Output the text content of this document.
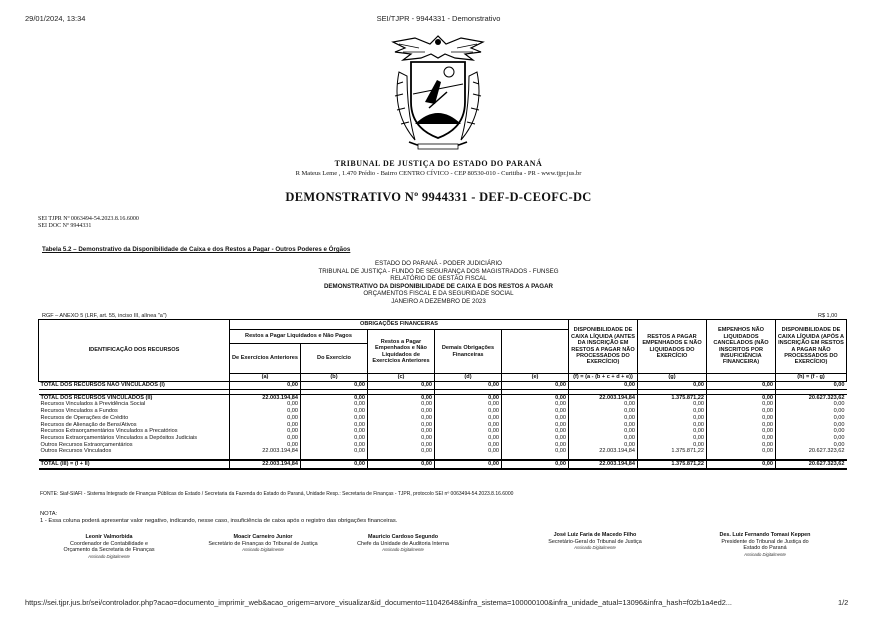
29/01/2024, 13:34	SEI/TJPR - 9944331 - Demonstrativo
TRIBUNAL DE JUSTIÇA DO ESTADO DO PARANÁ
R Mateus Leme , 1.470 Prédio - Bairro CENTRO CÍVICO - CEP 80530-010 - Curitiba - PR - www.tjpr.jus.br
DEMONSTRATIVO Nº 9944331 - DEF-D-CEOFC-DC
SEI TJPR Nº 0063494-54.2023.8.16.6000
SEI DOC Nº 9944331
Tabela 5.2 – Demonstrativo da Disponibilidade de Caixa e dos Restos a Pagar - Outros Poderes e Órgãos
ESTADO DO PARANÁ - PODER JUDICIÁRIO
TRIBUNAL DE JUSTIÇA - FUNDO DE SEGURANÇA DOS MAGISTRADOS - FUNSEG
RELATÓRIO DE GESTÃO FISCAL
DEMONSTRATIVO DA DISPONIBILIDADE DE CAIXA E DOS RESTOS A PAGAR
ORÇAMENTOS FISCAL E DA SEGURIDADE SOCIAL
JANEIRO A DEZEMBRO DE 2023
RGF – ANEXO 5 (LRF, art. 55, inciso III, alínea "a")	R$ 1,00
IDENTIFICAÇÃO DOS RECURSOS	OBRIGAÇÕES FINANCEIRAS					DISPONIBILIDADE DE CAIXA LÍQUIDA (ANTES DA INSCRIÇÃO EM RESTOS A PAGAR NÃO PROCESSADOS DO EXERCÍCIO)	RESTOS A PAGAR EMPENHADOS E NÃO LIQUIDADOS DO EXERCÍCIO	EMPENHOS NÃO LIQUIDADOS CANCELADOS (NÃO INSCRITOS POR INSUFICIÊNCIA FINANCEIRA)	DISPONIBILIDADE DE CAIXA LÍQUIDA (APÓS A INSCRIÇÃO EM RESTOS A PAGAR NÃO PROCESSADOS DO EXERCÍCIO)
	Restos a Pagar Liquidados e Não Pagos		Restos a Pagar Empenhados e Não Liquidados de Exercícios Anteriores	Demais Obrigações Financeiras					
	De Exercícios Anteriores	Do Exercício							
	(a)	(b)	(c)	(d)	(e)	(f) = (a - (b + c + d + e))	(g)		(h) = (f - g)
TOTAL DOS RECURSOS NÃO VINCULADOS (I)	0,00	0,00	0,00	0,00	0,00	0,00	0,00	0,00	0,00

TOTAL DOS RECURSOS VINCULADOS (II)	22.003.194,84	0,00	0,00	0,00	0,00	22.003.194,84	1.375.871,22	0,00	20.627.323,62
Recursos Vinculados à Previdência Social	0,00	0,00	0,00	0,00	0,00	0,00	0,00	0,00	0,00
Recursos Vinculados a Fundos	0,00	0,00	0,00	0,00	0,00	0,00	0,00	0,00	0,00
Recursos de Operações de Crédito	0,00	0,00	0,00	0,00	0,00	0,00	0,00	0,00	0,00
Recursos de Alienação de Bens/Ativos	0,00	0,00	0,00	0,00	0,00	0,00	0,00	0,00	0,00
Recursos Extraorçamentários Vinculados a Precatórios	0,00	0,00	0,00	0,00	0,00	0,00	0,00	0,00	0,00
Recursos Extraorçamentários Vinculados a Depósitos Judiciais	0,00	0,00	0,00	0,00	0,00	0,00	0,00	0,00	0,00
Outros Recursos Extraorçamentários	0,00	0,00	0,00	0,00	0,00	0,00	0,00	0,00	0,00
Outros Recursos Vinculados	22.003.194,84	0,00	0,00	0,00	0,00	22.003.194,84	1.375.871,22	0,00	20.627.323,62

TOTAL (III) = (I + II)	22.003.194,84	0,00	0,00	0,00	0,00	22.003.194,84	1.375.871,22	0,00	20.627.323,62
FONTE: Siaf-SIAFI - Sistema Integrado de Finanças Públicas do Estado / Secretaria da Fazenda do Estado do Paraná, Unidade Resp.: Secretaria de Finanças - TJPR, protocolo SEI nº 0063494-54.2023.8.16.6000
NOTA:
1 - Essa coluna poderá apresentar valor negativo, indicando, nesse caso, insuficiência de caixa após o registro das obrigações financeiras.
Leonir Valmorbida
Coordenador de Contabilidade e
Orçamento da Secretaria de Finanças
Assinado Digitalmente
Moacir Carneiro Junior
Secretário de Finanças do Tribunal de Justiça
Assinado Digitalmente
Mauricio Cardoso Segundo
Chefe da Unidade de Auditoria Interna
Assinado Digitalmente
José Luiz Faria de Macedo Filho
Secretário-Geral do Tribunal de Justiça
Assinado Digitalmente
Des. Luiz Fernando Tomasi Keppen
Presidente do Tribunal de Justiça do
Estado do Paraná
Assinado Digitalmente
https://sei.tjpr.jus.br/sei/controlador.php?acao=documento_imprimir_web&acao_origem=arvore_visualizar&id_documento=11042648&infra_sistema=100000100&infra_unidade_atual=13096&infra_hash=f02b1a4ed2...	1/2
